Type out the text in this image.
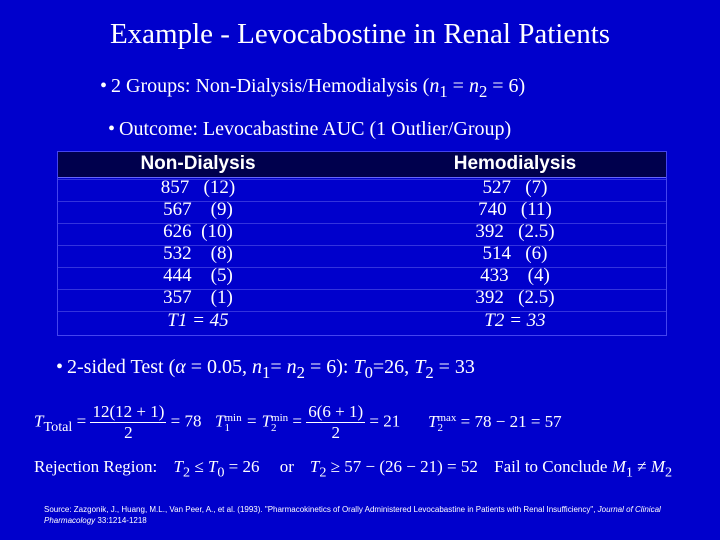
Example - Levocabostine in Renal Patients
• 2 Groups: Non-Dialysis/Hemodialysis $(n_1 = n_2 = 6)$
• Outcome: Levocabastine AUC (1 Outlier/Group)
Non-Dialysis	Hemodialysis
857   (12)	527   (7)
567    (9)	740   (11)
626  (10)	392   (2.5)
532    (8)	514   (6)
444    (5)	433    (4)
357    (1)	392   (2.5)
T1 = 45	T2 = 33
• 2-sided Test (α = 0.05, $n_1= n_2 = 6$): $T_0=26$, $T_2 = 33$
$T_{Total} = \frac{12(12 + 1)}{2} = 78$ T min
1 = T min
$2 = \frac{6(6 + 1)}{2} = 21$ T max
2 = 78 − 21 = 57
Rejection Region: $T_2 \le T_0 = 26$ or $T_2 \ge 57 - (26 - 21) = 52$ Fail to Conclude $M_1 \ne M_2$
Source: Zazgonik, J., Huang, M.L., Van Peer, A., et al. (1993). "Pharmacokinetics of Orally Administered Levocabastine in Patients with Renal Insufficiency", Journal of Clinical Pharmacology 33:1214-1218
